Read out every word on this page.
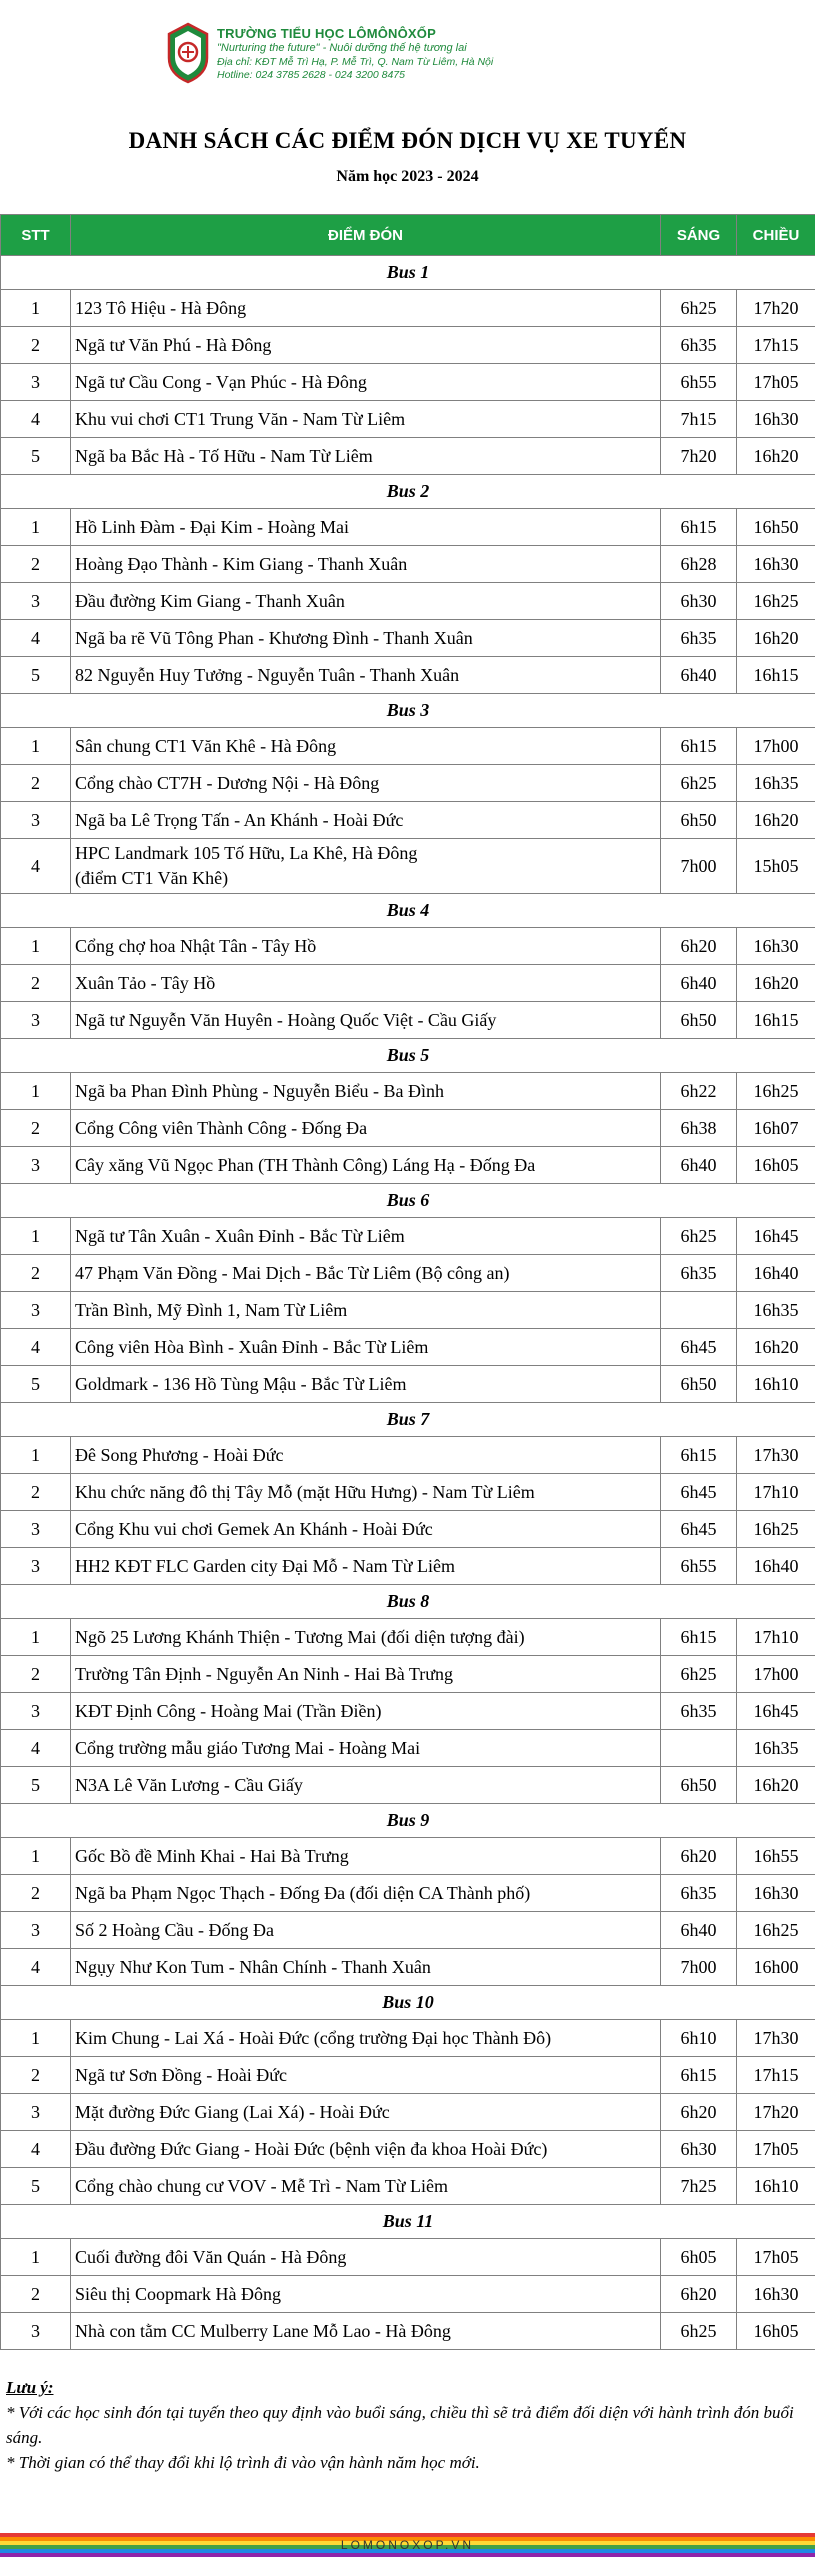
TRƯỜNG TIỂU HỌC LÔMÔNÔXỐP
"Nurturing the future" - Nuôi dưỡng thế hệ tương lai
Địa chỉ: KĐT Mễ Trì Hạ, P. Mễ Trì, Q. Nam Từ Liêm, Hà Nội
Hotline: 024 3785 2628 - 024 3200 8475
DANH SÁCH CÁC ĐIỂM ĐÓN DỊCH VỤ XE TUYẾN
Năm học 2023 - 2024
STT	ĐIỂM ĐÓN	SÁNG	CHIỀU
Bus 1			
1	123 Tô Hiệu - Hà Đông	6h25	17h20
2	Ngã tư Văn Phú - Hà Đông	6h35	17h15
3	Ngã tư Cầu Cong - Vạn Phúc - Hà Đông	6h55	17h05
4	Khu vui chơi CT1 Trung Văn - Nam Từ Liêm	7h15	16h30
5	Ngã ba Bắc Hà - Tố Hữu - Nam Từ Liêm	7h20	16h20
Bus 2			
1	Hồ Linh Đàm - Đại Kim - Hoàng Mai	6h15	16h50
2	Hoàng Đạo Thành - Kim Giang - Thanh Xuân	6h28	16h30
3	Đầu đường Kim Giang - Thanh Xuân	6h30	16h25
4	Ngã ba rẽ Vũ Tông Phan - Khương Đình - Thanh Xuân	6h35	16h20
5	82 Nguyễn Huy Tưởng - Nguyễn Tuân - Thanh Xuân	6h40	16h15
Bus 3			
1	Sân chung CT1 Văn Khê - Hà Đông	6h15	17h00
2	Cổng chào CT7H - Dương Nội - Hà Đông	6h25	16h35
3	Ngã ba Lê Trọng Tấn - An Khánh - Hoài Đức	6h50	16h20
4	HPC Landmark 105 Tố Hữu, La Khê, Hà Đông
(điểm CT1 Văn Khê)	7h00	15h05
Bus 4			
1	Cổng chợ hoa Nhật Tân - Tây Hồ	6h20	16h30
2	Xuân Tảo - Tây Hồ	6h40	16h20
3	Ngã tư Nguyễn Văn Huyên - Hoàng Quốc Việt - Cầu Giấy	6h50	16h15
Bus 5			
1	Ngã ba Phan Đình Phùng - Nguyễn Biểu - Ba Đình	6h22	16h25
2	Cổng Công viên Thành Công - Đống Đa	6h38	16h07
3	Cây xăng Vũ Ngọc Phan (TH Thành Công) Láng Hạ - Đống Đa	6h40	16h05
Bus 6			
1	Ngã tư Tân Xuân - Xuân Đỉnh - Bắc Từ Liêm	6h25	16h45
2	47 Phạm Văn Đồng - Mai Dịch - Bắc Từ Liêm (Bộ công an)	6h35	16h40
3	Trần Bình, Mỹ Đình 1, Nam Từ Liêm		16h35
4	Công viên Hòa Bình - Xuân Đỉnh - Bắc Từ Liêm	6h45	16h20
5	Goldmark - 136 Hồ Tùng Mậu - Bắc Từ Liêm	6h50	16h10
Bus 7			
1	Đê Song Phương - Hoài Đức	6h15	17h30
2	Khu chức năng đô thị Tây Mỗ (mặt Hữu Hưng) - Nam Từ Liêm	6h45	17h10
3	Cổng Khu vui chơi Gemek An Khánh - Hoài Đức	6h45	16h25
3	HH2 KĐT FLC Garden city Đại Mỗ - Nam Từ Liêm	6h55	16h40
Bus 8			
1	Ngõ 25 Lương Khánh Thiện - Tương Mai (đối diện tượng đài)	6h15	17h10
2	Trường Tân Định - Nguyễn An Ninh - Hai Bà Trưng	6h25	17h00
3	KĐT Định Công - Hoàng Mai (Trần Điền)	6h35	16h45
4	Cổng trường mẫu giáo Tương Mai - Hoàng Mai		16h35
5	N3A Lê Văn Lương - Cầu Giấy	6h50	16h20
Bus 9			
1	Gốc Bồ đề Minh Khai - Hai Bà Trưng	6h20	16h55
2	Ngã ba Phạm Ngọc Thạch - Đống Đa (đối diện CA Thành phố)	6h35	16h30
3	Số 2 Hoàng Cầu - Đống Đa	6h40	16h25
4	Ngụy Như Kon Tum - Nhân Chính - Thanh Xuân	7h00	16h00
Bus 10			
1	Kim Chung - Lai Xá - Hoài Đức (cổng trường Đại học Thành Đô)	6h10	17h30
2	Ngã tư Sơn Đồng - Hoài Đức	6h15	17h15
3	Mặt đường Đức Giang (Lai Xá) - Hoài Đức	6h20	17h20
4	Đầu đường Đức Giang - Hoài Đức (bệnh viện đa khoa Hoài Đức)	6h30	17h05
5	Cổng chào chung cư VOV - Mễ Trì - Nam Từ Liêm	7h25	16h10
Bus 11			
1	Cuối đường đôi Văn Quán - Hà Đông	6h05	17h05
2	Siêu thị Coopmark Hà Đông	6h20	16h30
3	Nhà con tằm CC Mulberry Lane Mỗ Lao - Hà Đông	6h25	16h05
Lưu ý:
* Với các học sinh đón tại tuyến theo quy định vào buổi sáng, chiều thì sẽ trả điểm đối diện với hành trình đón buổi sáng.
* Thời gian có thể thay đổi khi lộ trình đi vào vận hành năm học mới.
LOMONOXOP.VN
